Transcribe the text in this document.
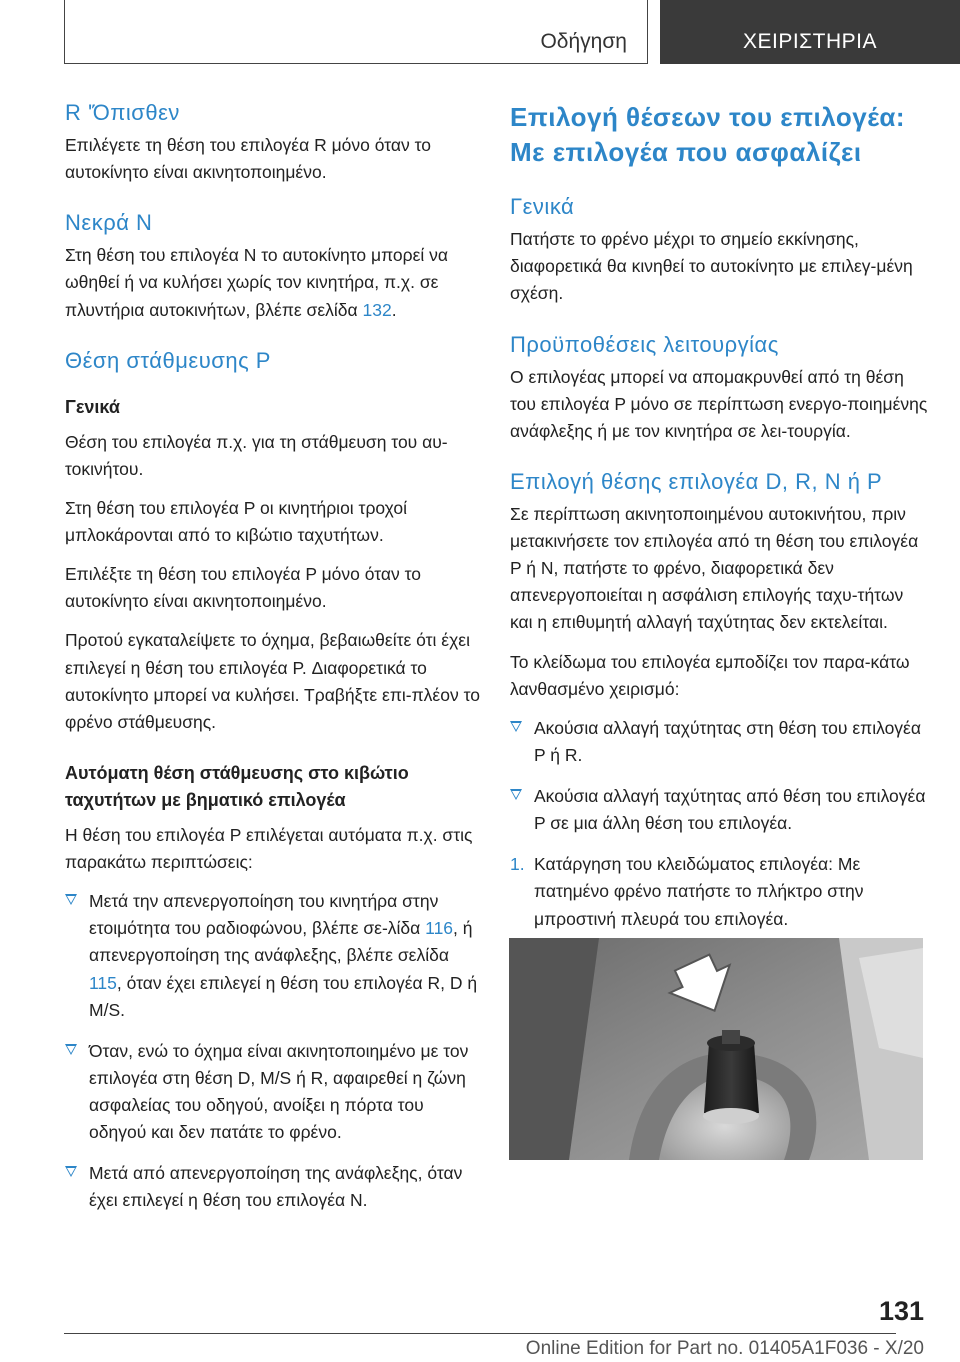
Οδήγηση	ΧΕΙΡΙΣΤΗΡΙΑ
R 'Όπισθεν

Επιλέγετε τη θέση του επιλογέα R μόνο όταν το αυτοκίνητο είναι ακινητοποιημένο.

Νεκρά N

Στη θέση του επιλογέα N το αυτοκίνητο μπορεί να ωθηθεί ή να κυλήσει χωρίς τον κινητήρα, π.χ. σε πλυντήρια αυτοκινήτων, βλέπε σελίδα 132.

Θέση στάθμευσης P
Γενικά

Θέση του επιλογέα π.χ. για τη στάθμευση του αυ-τοκινήτου.

Στη θέση του επιλογέα P οι κινητήριοι τροχοί μπλοκάρονται από το κιβώτιο ταχυτήτων.

Επιλέξτε τη θέση του επιλογέα P μόνο όταν το αυτοκίνητο είναι ακινητοποιημένο.

Προτού εγκαταλείψετε το όχημα, βεβαιωθείτε ότι έχει επιλεγεί η θέση του επιλογέα P. Διαφορετικά το αυτοκίνητο μπορεί να κυλήσει. Τραβήξτε επι-πλέον το φρένο στάθμευσης.

Αυτόματη θέση στάθμευσης στο κιβώτιο ταχυτήτων με βηματικό επιλογέα

Η θέση του επιλογέα P επιλέγεται αυτόματα π.χ. στις παρακάτω περιπτώσεις:

Μετά την απενεργοποίηση του κινητήρα στην ετοιμότητα του ραδιοφώνου, βλέπε σε-λίδα 116, ή απενεργοποίηση της ανάφλεξης, βλέπε σελίδα 115, όταν έχει επιλεγεί η θέση του επιλογέα R, D ή M/S.
Όταν, ενώ το όχημα είναι ακινητοποιημένο με τον επιλογέα στη θέση D, M/S ή R, αφαιρεθεί η ζώνη ασφαλείας του οδηγού, ανοίξει η πόρτα του οδηγού και δεν πατάτε το φρένο.
Μετά από απενεργοποίηση της ανάφλεξης, όταν έχει επιλεγεί η θέση του επιλογέα N.
Επιλογή θέσεων του επιλογέα: Με επιλογέα που ασφαλίζει
Γενικά

Πατήστε το φρένο μέχρι το σημείο εκκίνησης, διαφορετικά θα κινηθεί το αυτοκίνητο με επιλεγ-μένη σχέση.

Προϋποθέσεις λειτουργίας

Ο επιλογέας μπορεί να απομακρυνθεί από τη θέση του επιλογέα P μόνο σε περίπτωση ενεργο-ποιημένης ανάφλεξης ή με τον κινητήρα σε λει-τουργία.

Επιλογή θέσης επιλογέα D, R, N ή P

Σε περίπτωση ακινητοποιημένου αυτοκινήτου, πριν μετακινήσετε τον επιλογέα από τη θέση του επιλογέα P ή N, πατήστε το φρένο, διαφορετικά δεν απενεργοποιείται η ασφάλιση επιλογής ταχυ-τήτων και η επιθυμητή αλλαγή ταχύτητας δεν εκτελείται.

Το κλείδωμα του επιλογέα εμποδίζει τον παρα-κάτω λανθασμένο χειρισμό:

Ακούσια αλλαγή ταχύτητας στη θέση του επιλογέα P ή R.
Ακούσια αλλαγή ταχύτητας από θέση του επιλογέα P σε μια άλλη θέση του επιλογέα.
1. Κατάργηση του κλειδώματος επιλογέα: Με πατημένο φρένο πατήστε το πλήκτρο στην μπροστινή πλευρά του επιλογέα.
131
Online Edition for Part no. 01405A1F036 - X/20
